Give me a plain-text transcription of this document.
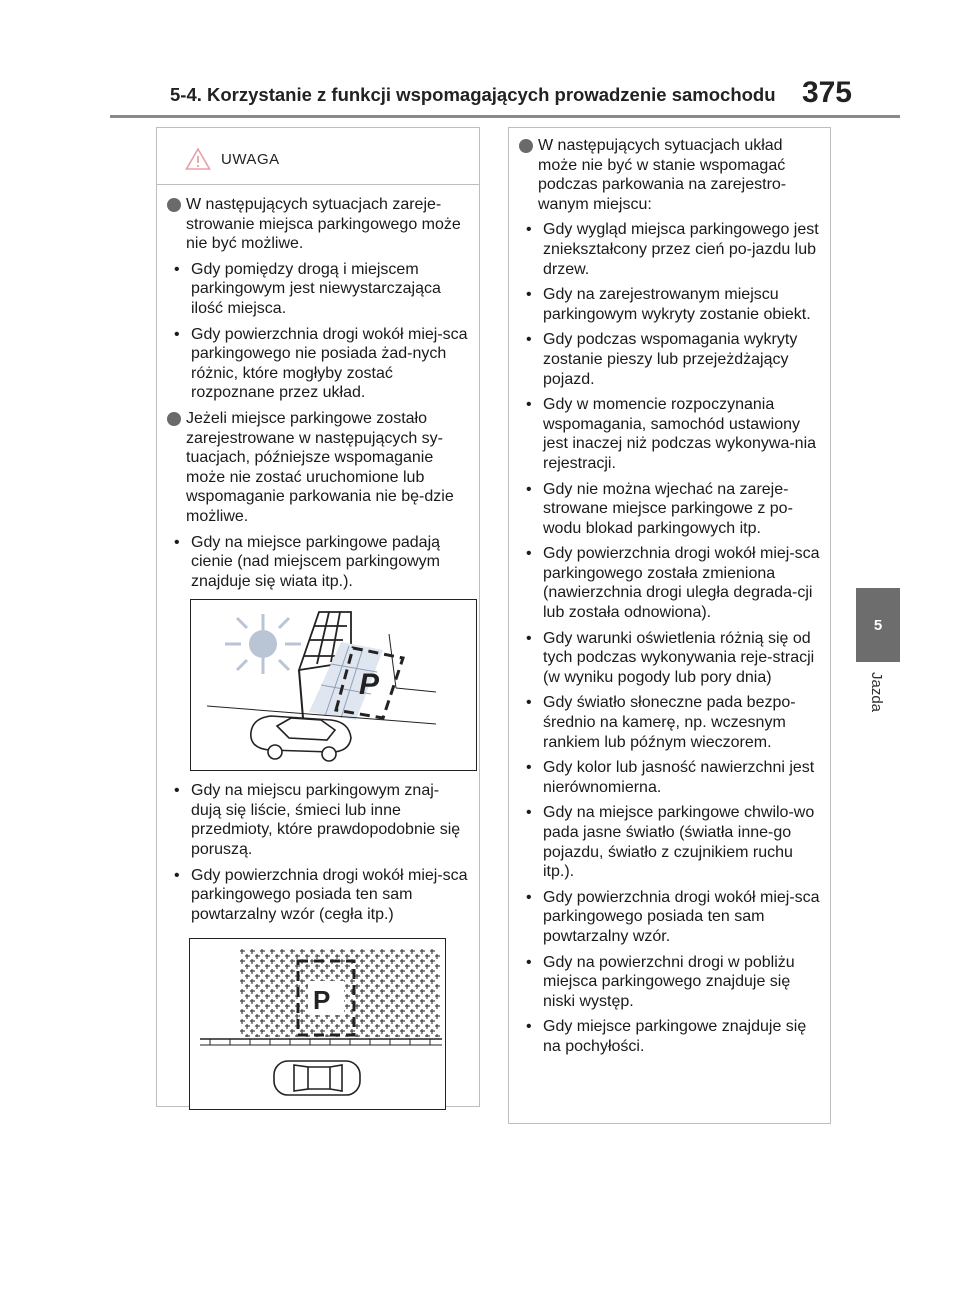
5-4. Korzystanie z funkcji wspomagających prowadzenie samochodu 375
5
Jazda
UWAGA

W następujących sytuacjach zareje-strowanie miejsca parkingowego może nie być możliwe.

• Gdy pomiędzy drogą i miejscem parkingowym jest niewystarczająca ilość miejsca.
• Gdy powierzchnia drogi wokół miej-sca parkingowego nie posiada żad-nych różnic, które mogłyby zostać rozpoznane przez układ.

Jeżeli miejsce parkingowe zostało zarejestrowane w następujących sy-tuacjach, późniejsze wspomaganie może nie zostać uruchomione lub wspomaganie parkowania nie bę-dzie możliwe.

• Gdy na miejsce parkingowe padają cienie (nad miejscem parkingowym znajduje się wiata itp.).
P
• Gdy na miejscu parkingowym znaj-dują się liście, śmieci lub inne przedmioty, które prawdopodobnie się poruszą.
• Gdy powierzchnia drogi wokół miej-sca parkingowego posiada ten sam powtarzalny wzór (cegła itp.)
P

W następujących sytuacjach układ może nie być w stanie wspomagać podczas parkowania na zarejestro-wanym miejscu:

• Gdy wygląd miejsca parkingowego jest zniekształcony przez cień po-jazdu lub drzew.
• Gdy na zarejestrowanym miejscu parkingowym wykryty zostanie obiekt.
• Gdy podczas wspomagania wykryty zostanie pieszy lub przejeżdżający pojazd.
• Gdy w momencie rozpoczynania wspomagania, samochód ustawiony jest inaczej niż podczas wykonywa-nia rejestracji.
• Gdy nie można wjechać na zareje-strowane miejsce parkingowe z po-wodu blokad parkingowych itp.
• Gdy powierzchnia drogi wokół miej-sca parkingowego została zmieniona (nawierzchnia drogi uległa degrada-cji lub została odnowiona).
• Gdy warunki oświetlenia różnią się od tych podczas wykonywania reje-stracji (w wyniku pogody lub pory dnia)
• Gdy światło słoneczne pada bezpo-średnio na kamerę, np. wczesnym rankiem lub późnym wieczorem.
• Gdy kolor lub jasność nawierzchni jest nierównomierna.
• Gdy na miejsce parkingowe chwilo-wo pada jasne światło (światła inne-go pojazdu, światło z czujnikiem ruchu itp.).
• Gdy powierzchnia drogi wokół miej-sca parkingowego posiada ten sam powtarzalny wzór.
• Gdy na powierzchni drogi w pobliżu miejsca parkingowego znajduje się niski występ.
• Gdy miejsce parkingowe znajduje się na pochyłości.
